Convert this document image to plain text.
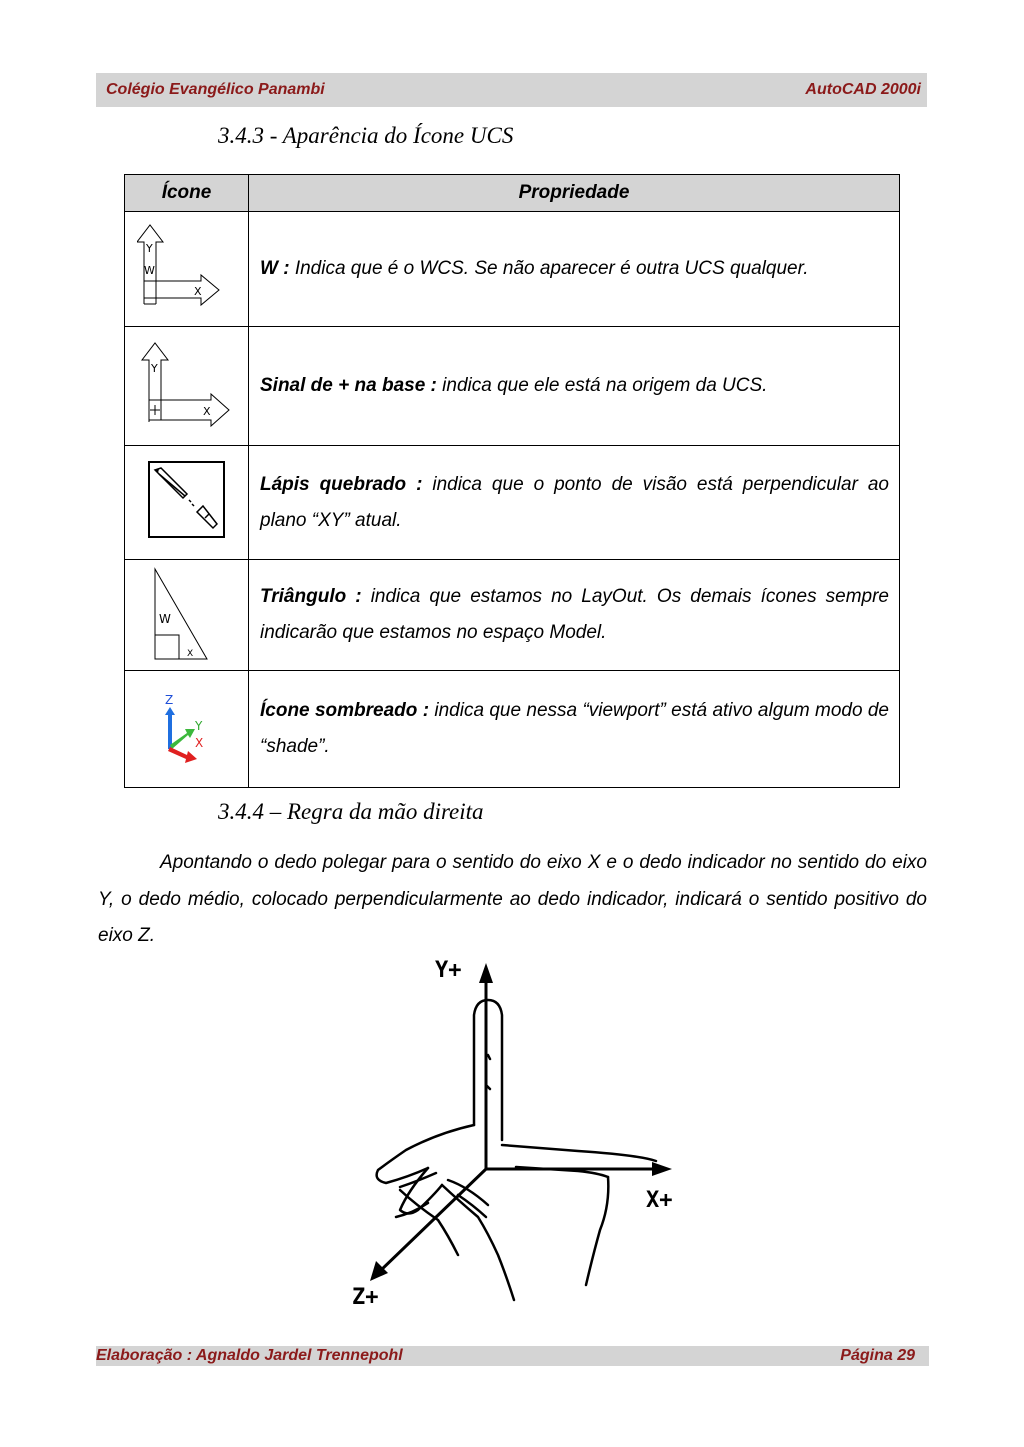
Colégio Evangélico Panambi	AutoCAD 2000i
3.4.3 - Aparência do Ícone UCS
Ícone	Propriedade

Y
W
X	W : Indica que é o WCS. Se não aparecer é outra UCS qualquer.

Y
X	Sinal de + na base : indica que ele está na origem da UCS.
	Lápis quebrado : indica que o ponto de visão está perpendicular ao plano “XY” atual.

W
X	Triângulo : indica que estamos no LayOut. Os demais ícones sempre indicarão que estamos no espaço Model.

Z
Y
X	Ícone sombreado : indica que nessa “viewport” está ativo algum modo de “shade”.
3.4.4 – Regra da mão direita
Apontando o dedo polegar para o sentido do eixo X e o dedo indicador no sentido do eixo Y, o dedo médio, colocado perpendicularmente ao dedo indicador, indicará o sentido positivo do eixo Z.
Y+
X+
Z+
Elaboração : Agnaldo Jardel Trennepohl	Página 29
